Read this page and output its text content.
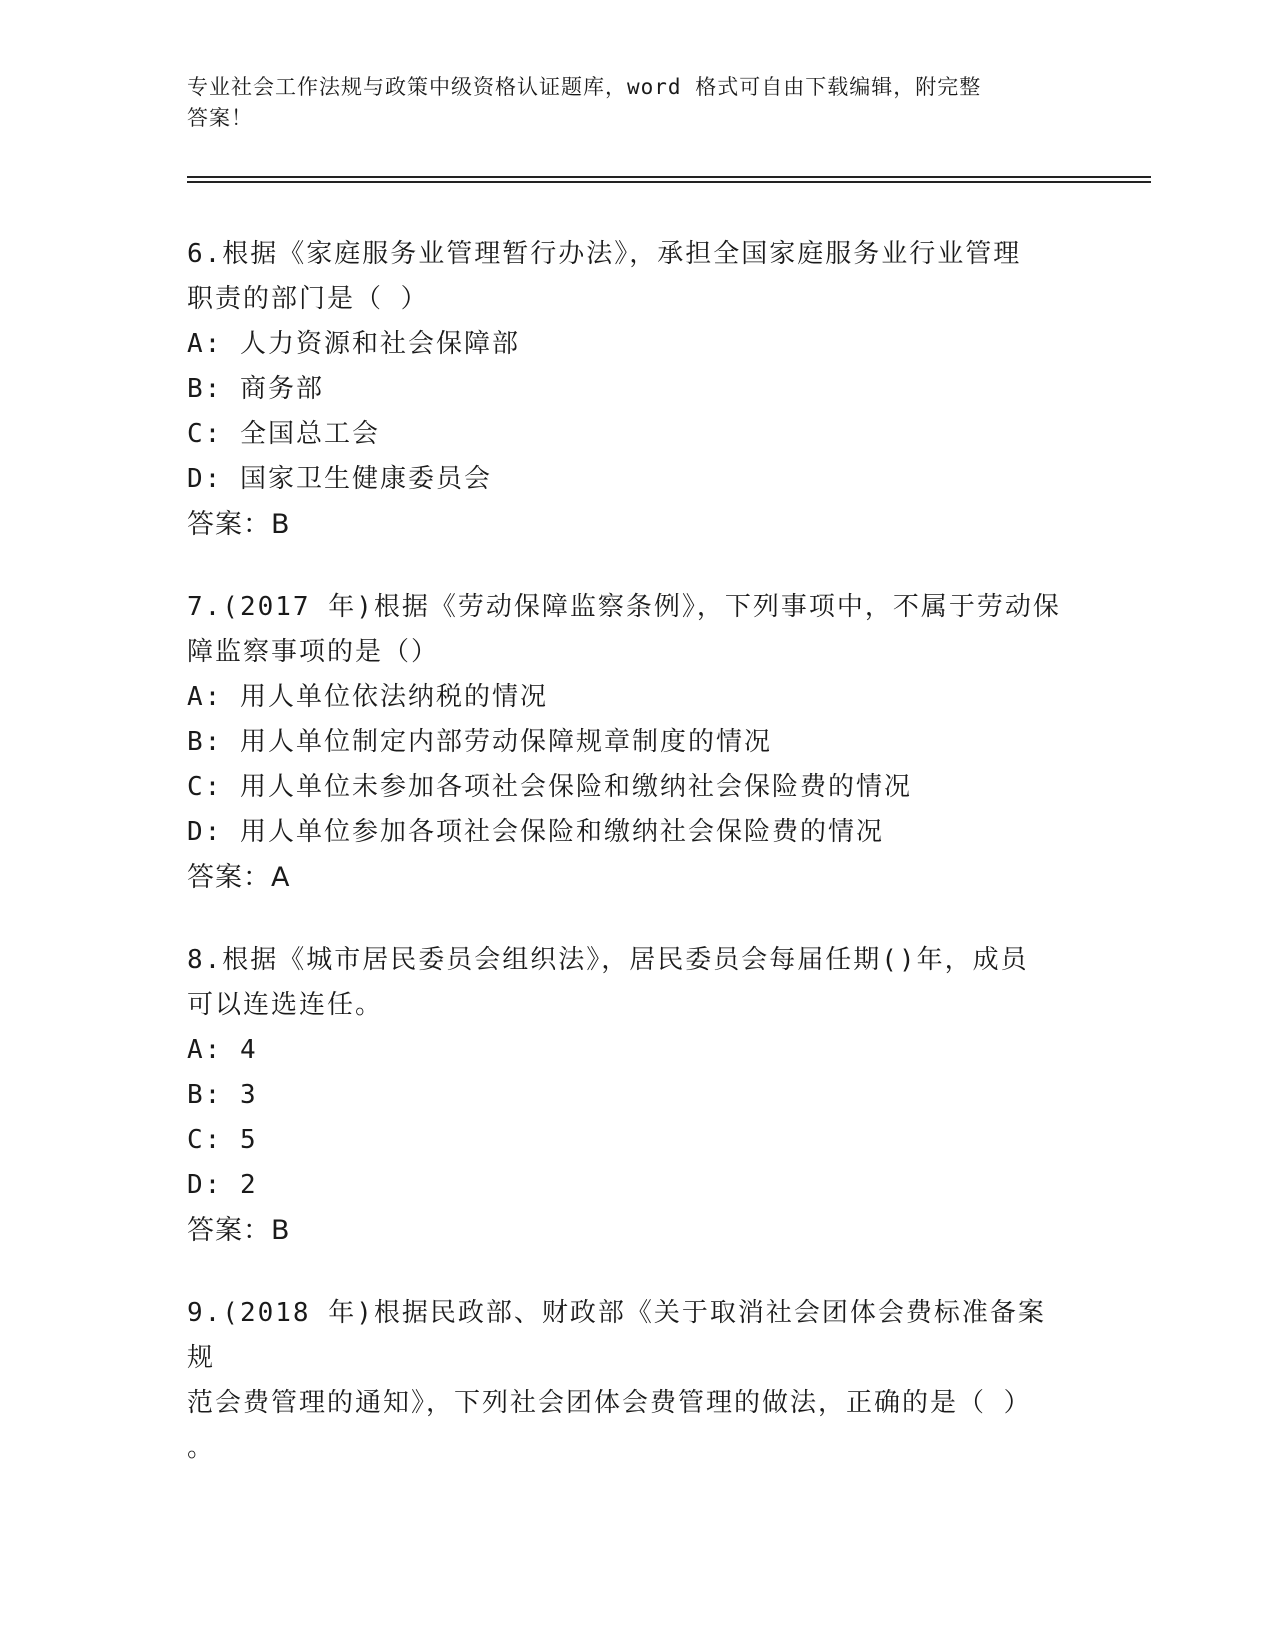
专业社会工作法规与政策中级资格认证题库，word 格式可自由下载编辑，附完整
答案！

6.根据《家庭服务业管理暂行办法》，承担全国家庭服务业行业管理
职责的部门是（ ）

A: 人力资源和社会保障部

B: 商务部

C: 全国总工会

D: 国家卫生健康委员会

答案：B

7.(2017 年)根据《劳动保障监察条例》，下列事项中，不属于劳动保
障监察事项的是（）

A: 用人单位依法纳税的情况

B: 用人单位制定内部劳动保障规章制度的情况

C: 用人单位未参加各项社会保险和缴纳社会保险费的情况

D: 用人单位参加各项社会保险和缴纳社会保险费的情况

答案：A

8.根据《城市居民委员会组织法》，居民委员会每届任期()年，成员
可以连选连任。

A: 4

B: 3

C: 5

D: 2

答案：B

9.(2018 年)根据民政部、财政部《关于取消社会团体会费标准备案规
范会费管理的通知》，下列社会团体会费管理的做法，正确的是（ ）

。
